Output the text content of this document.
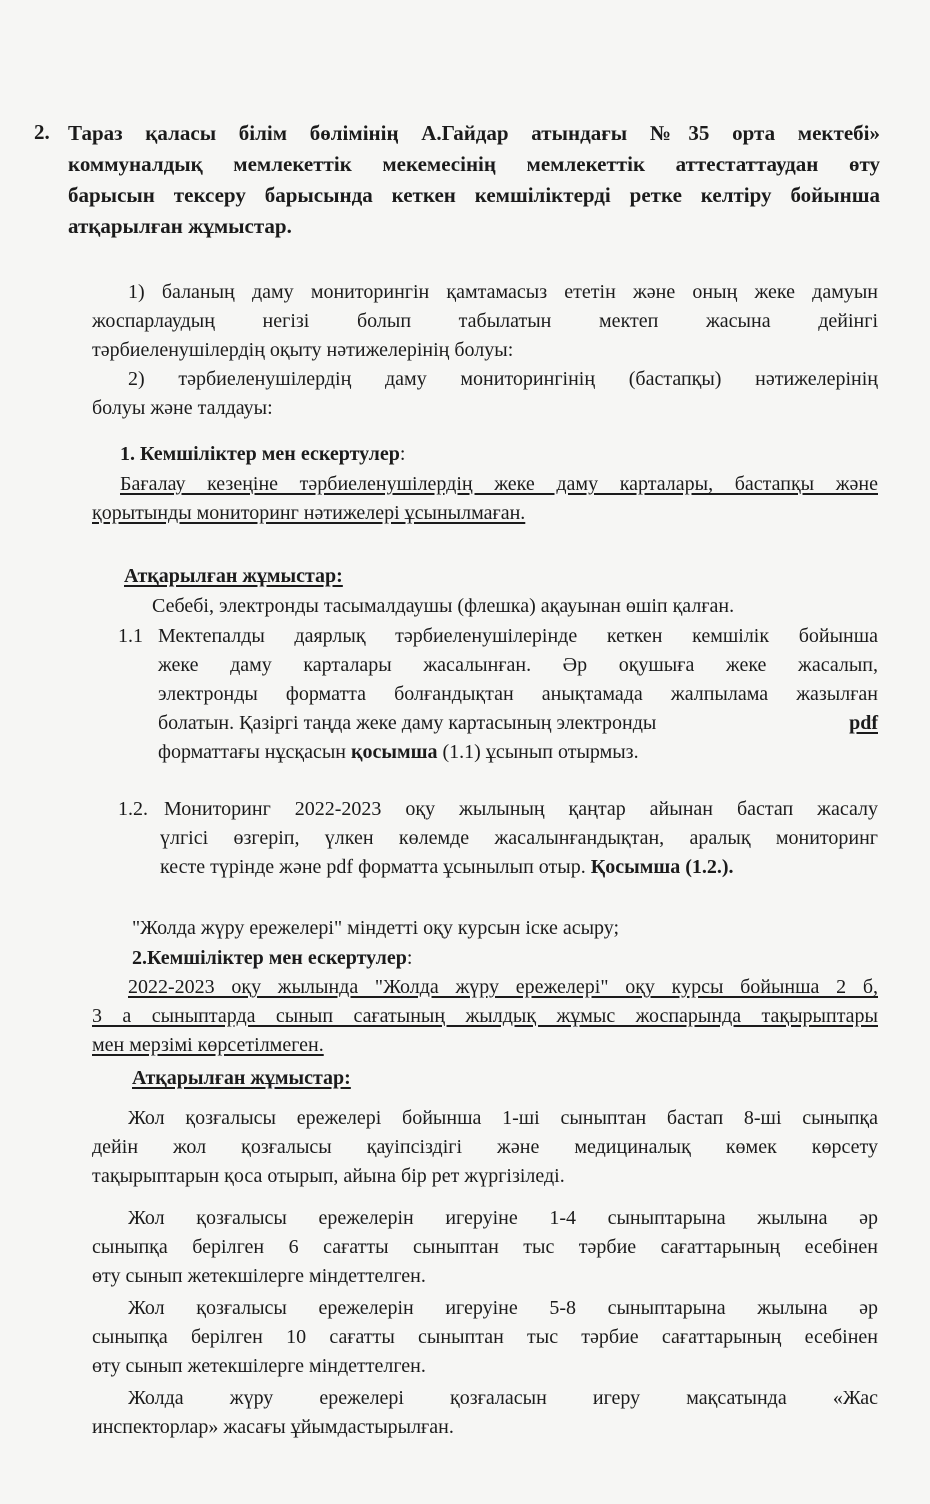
2. Тараз қаласы білім бөлімінің А.Гайдар атындағы №35 орта мектебі»
коммуналдық мемлекеттік мекемесінің мемлекеттік аттестаттаудан өту
барысын тексеру барысында кеткен кемшіліктерді ретке келтіру бойынша
атқарылған жұмыстар.
1) баланың даму мониторингін қамтамасыз ететін және оның жеке дамуын
жоспарлаудың негізі болып табылатын мектеп жасына дейінгі
тәрбиеленушілердің оқыту нәтижелерінің болуы:
2) тәрбиеленушілердің даму мониторингінің (бастапқы) нәтижелерінің
болуы және талдауы:
1. Кемшіліктер мен ескертулер:
Бағалау кезеңіне тәрбиеленушілердің жеке даму карталары, бастапқы және
қорытынды мониторинг нәтижелері ұсынылмаған.
Атқарылған жұмыстар:
Себебі, электронды тасымалдаушы (флешка) ақауынан өшіп қалған.
1.1 Мектепалды даярлық тәрбиеленушілерінде кеткен кемшілік бойынша
жеке даму карталары жасалынған. Әр оқушыға жеке жасалып,
электронды форматта болғандықтан анықтамада жалпылама жазылған
болатын. Қазіргі таңда жеке даму картасының электронды	pdf
форматтағы нұсқасын қосымша (1.1) ұсынып отырмыз.
1.2. Мониторинг 2022-2023 оқу жылының қаңтар айынан бастап жасалу
үлгісі өзгеріп, үлкен көлемде жасалынғандықтан, аралық мониторинг
кесте түрінде және pdf форматта ұсынылып отыр. Қосымша (1.2.).
"Жолда жүру ережелері" міндетті оқу курсын іске асыру;
2.Кемшіліктер мен ескертулер:
2022-2023 оқу жылында "Жолда жүру ережелері" оқу курсы бойынша 2 б,
3 а сыныптарда сынып сағатының жылдық жұмыс жоспарында тақырыптары
мен мерзімі көрсетілмеген.
Атқарылған жұмыстар:
Жол қозғалысы ережелері бойынша 1-ші сыныптан бастап 8-ші сыныпқа
дейін жол қозғалысы қауіпсіздігі және медициналық көмек көрсету
тақырыптарын қоса отырып, айына бір рет жүргізіледі.
Жол қозғалысы ережелерін игеруіне 1-4 сыныптарына жылына әр
сыныпқа берілген 6 сағатты сыныптан тыс тәрбие сағаттарының есебінен
өту сынып жетекшілерге міндеттелген.
Жол қозғалысы ережелерін игеруіне 5-8 сыныптарына жылына әр
сыныпқа берілген 10 сағатты сыныптан тыс тәрбие сағаттарының есебінен
өту сынып жетекшілерге міндеттелген.
Жолда жүру ережелері қозғаласын игеру мақсатында «Жас
инспекторлар» жасағы ұйымдастырылған.
